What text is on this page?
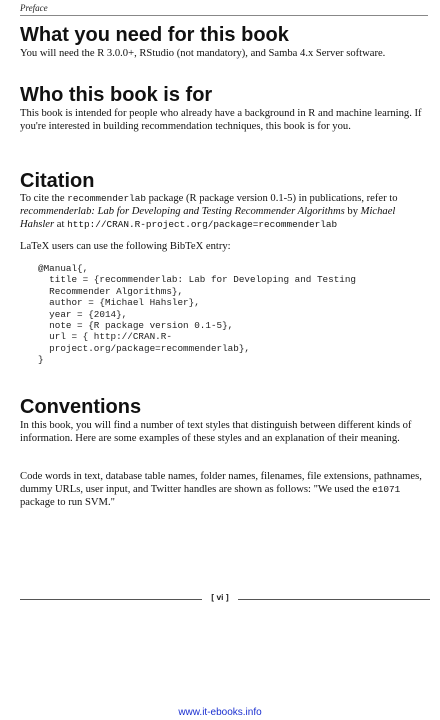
Preface
What you need for this book

You will need the R 3.0.0+, RStudio (not mandatory), and Samba 4.x Server software.

Who this book is for

This book is intended for people who already have a background in R and machine learning. If you're interested in building recommendation techniques, this book is for you.

Citation

To cite the recommenderlab package (R package version 0.1-5) in publications, refer to recommenderlab: Lab for Developing and Testing Recommender Algorithms by Michael Hahsler at http://CRAN.R-project.org/package=recommenderlab

LaTeX users can use the following BibTeX entry:

@Manual{,
title = {recommenderlab: Lab for Developing and Testing
Recommender Algorithms},
author = {Michael Hahsler},
year = {2014},
note = {R package version 0.1-5},
url = { http://CRAN.R-
project.org/package=recommenderlab},
}
Conventions

In this book, you will find a number of text styles that distinguish between different kinds of information. Here are some examples of these styles and an explanation of their meaning.

Code words in text, database table names, folder names, filenames, file extensions, pathnames, dummy URLs, user input, and Twitter handles are shown as follows: "We used the e1071 package to run SVM."

[ vi ]
www.it-ebooks.info
